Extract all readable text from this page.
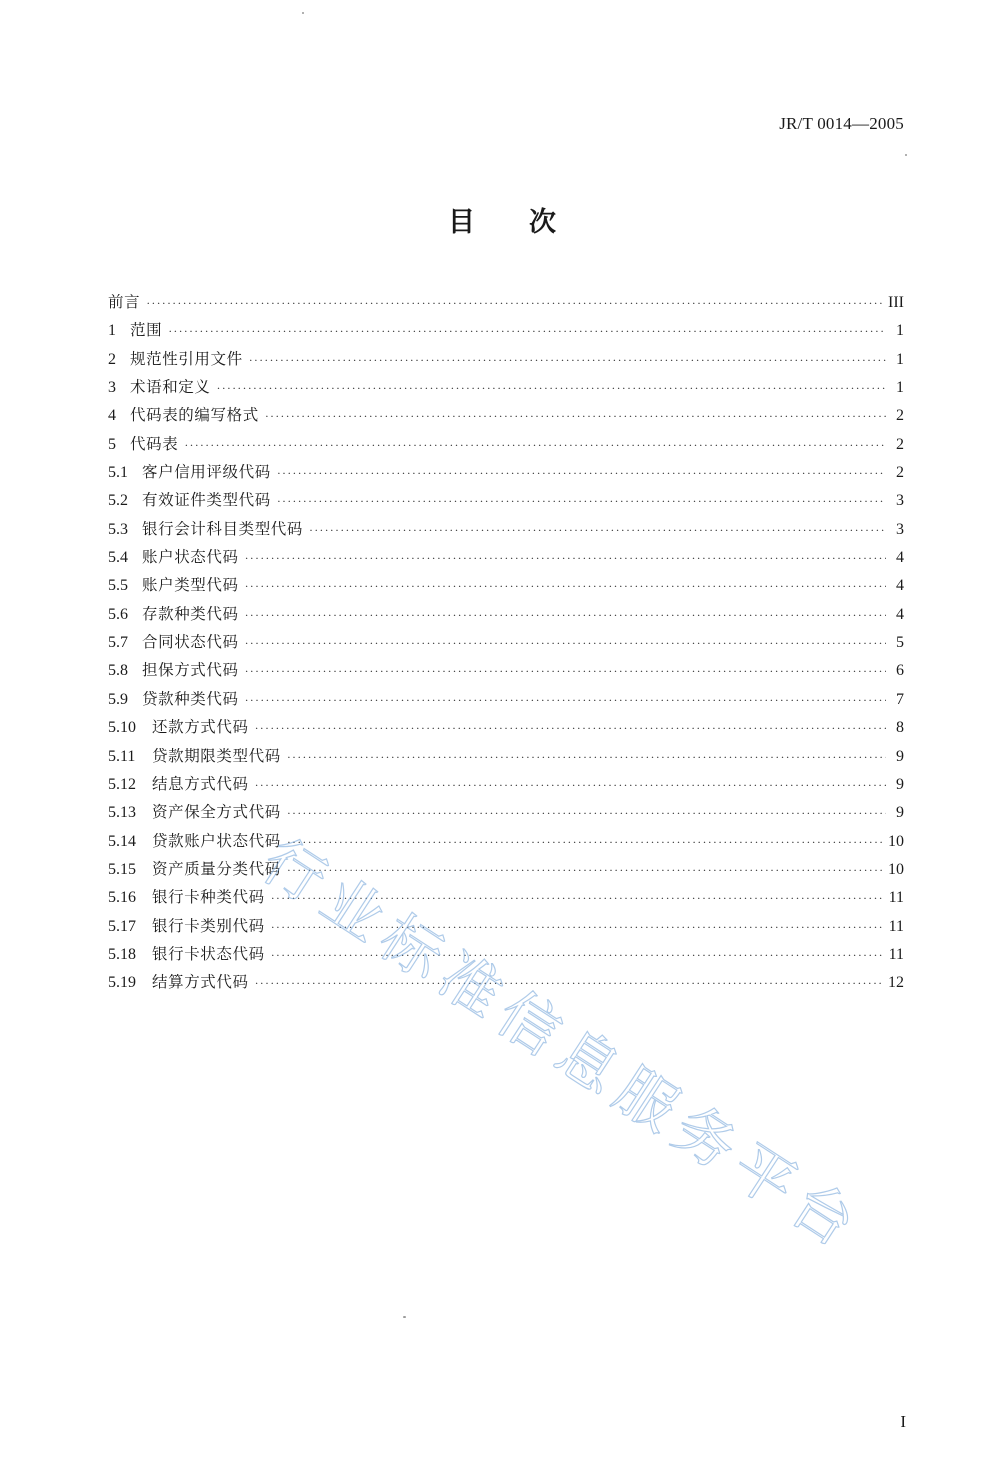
JR/T 0014—2005
目次
前言 ·····	III
1 范围 ·····	1
2 规范性引用文件 ·····	1
3 术语和定义 ·····	1
4 代码表的编写格式 ·····	2
5 代码表 ·····	2
5.1 客户信用评级代码 ·····	2
5.2 有效证件类型代码 ·····	3
5.3 银行会计科目类型代码 ·····	3
5.4 账户状态代码 ·····	4
5.5 账户类型代码 ·····	4
5.6 存款种类代码 ·····	4
5.7 合同状态代码 ·····	5
5.8 担保方式代码 ·····	6
5.9 贷款种类代码 ·····	7
5.10	还款方式代码 ·····	8
5.11	贷款期限类型代码 ·····	9
5.12	结息方式代码 ·····	9
5.13	资产保全方式代码 ·····	9
5.14	贷款账户状态代码 ·····	10
5.15	资产质量分类代码 ·····	10
5.16	银行卡种类代码 ·····	11
5.17	银行卡类别代码 ·····	11
5.18	银行卡状态代码 ·····	11
5.19	结算方式代码 ·····	12
行业标准信息服务平台
I
